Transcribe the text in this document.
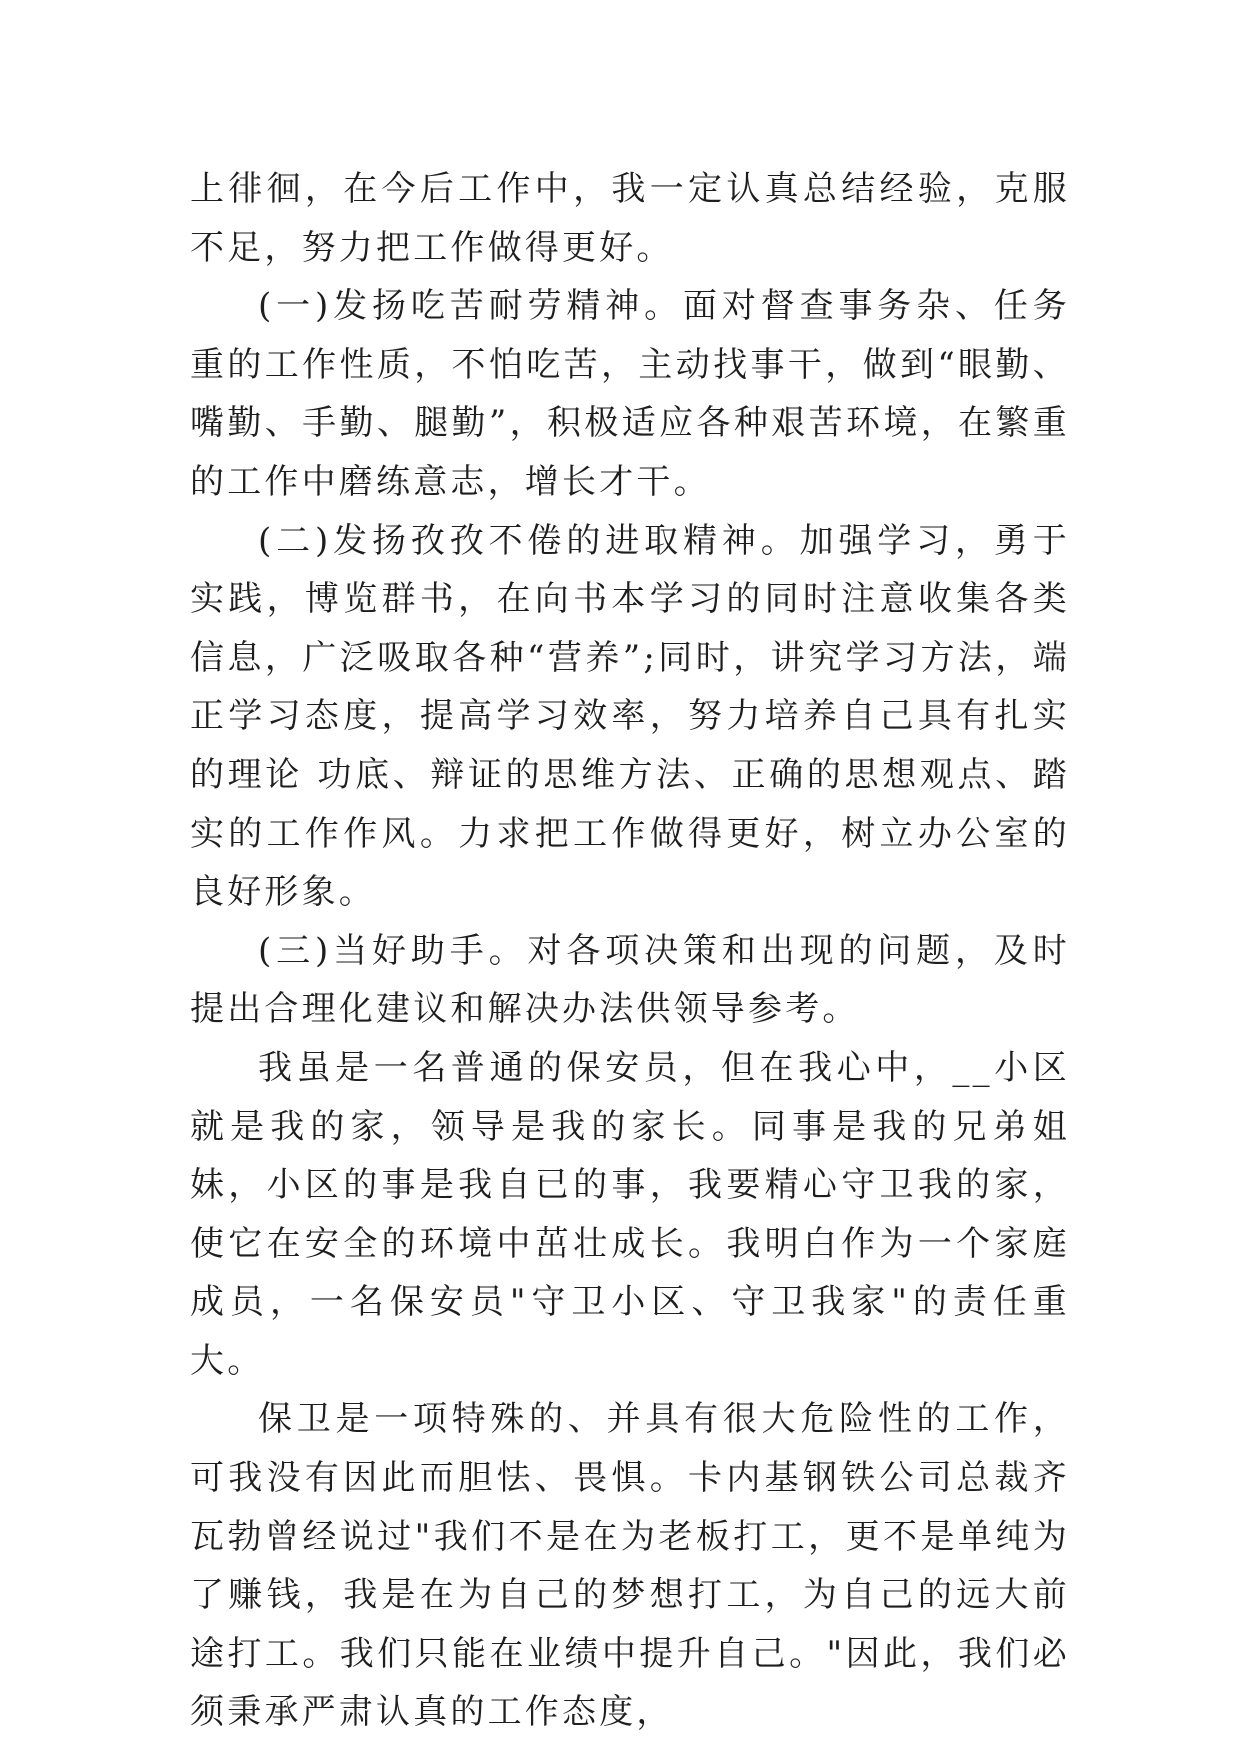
上徘徊，在今后工作中，我一定认真总结经验，克服不足，努力把工作做得更好。

(一)发扬吃苦耐劳精神。面对督查事务杂、任务重的工作性质，不怕吃苦，主动找事干，做到“眼勤、嘴勤、手勤、腿勤”，积极适应各种艰苦环境，在繁重的工作中磨练意志，增长才干。

(二)发扬孜孜不倦的进取精神。加强学习，勇于实践，博览群书，在向书本学习的同时注意收集各类信息，广泛吸取各种“营养”;同时，讲究学习方法，端正学习态度，提高学习效率，努力培养自己具有扎实的理论 功底、辩证的思维方法、正确的思想观点、踏实的工作作风。力求把工作做得更好，树立办公室的良好形象。

(三)当好助手。对各项决策和出现的问题，及时提出合理化建议和解决办法供领导参考。

我虽是一名普通的保安员，但在我心中，__小区就是我的家，领导是我的家长。同事是我的兄弟姐妹，小区的事是我自已的事，我要精心守卫我的家，使它在安全的环境中茁壮成长。我明白作为一个家庭成员，一名保安员"守卫小区、守卫我家"的责任重大。

保卫是一项特殊的、并具有很大危险性的工作，可我没有因此而胆怯、畏惧。卡内基钢铁公司总裁齐瓦勃曾经说过"我们不是在为老板打工，更不是单纯为了赚钱，我是在为自己的梦想打工，为自己的远大前途打工。我们只能在业绩中提升自己。"因此，我们必须秉承严肃认真的工作态度，
